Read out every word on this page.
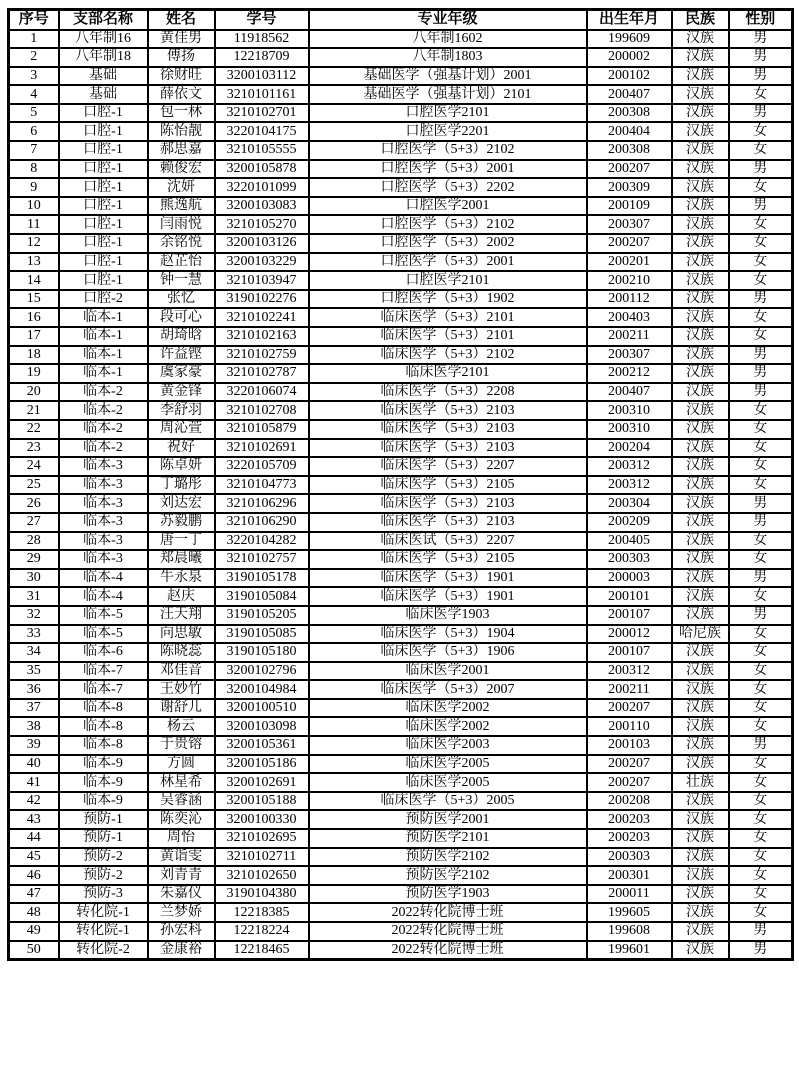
序号	支部名称	姓名	学号	专业年级	出生年月	民族	性别
1	八年制16	黄佳男	11918562	八年制1602	199609	汉族	男
2	八年制18	傅扬	12218709	八年制1803	200002	汉族	男
3	基础	徐财旺	3200103112	基础医学（强基计划）2001	200102	汉族	男
4	基础	薛依文	3210101161	基础医学（强基计划）2101	200407	汉族	女
5	口腔-1	包一林	3210102701	口腔医学2101	200308	汉族	男
6	口腔-1	陈怡靓	3220104175	口腔医学2201	200404	汉族	女
7	口腔-1	郝思嘉	3210105555	口腔医学（5+3）2102	200308	汉族	女
8	口腔-1	赖俊宏	3200105878	口腔医学（5+3）2001	200207	汉族	男
9	口腔-1	沈妍	3220101099	口腔医学（5+3）2202	200309	汉族	女
10	口腔-1	熊逸航	3200103083	口腔医学2001	200109	汉族	男
11	口腔-1	闫雨悦	3210105270	口腔医学（5+3）2102	200307	汉族	女
12	口腔-1	余铭悦	3200103126	口腔医学（5+3）2002	200207	汉族	女
13	口腔-1	赵芷怡	3200103229	口腔医学（5+3）2001	200201	汉族	女
14	口腔-1	钟一慧	3210103947	口腔医学2101	200210	汉族	女
15	口腔-2	张忆	3190102276	口腔医学（5+3）1902	200112	汉族	男
16	临本-1	段可心	3210102241	临床医学（5+3）2101	200403	汉族	女
17	临本-1	胡琦晗	3210102163	临床医学（5+3）2101	200211	汉族	女
18	临本-1	许益铿	3210102759	临床医学（5+3）2102	200307	汉族	男
19	临本-1	虞家豪	3210102787	临床医学2101	200212	汉族	男
20	临本-2	黄金锋	3220106074	临床医学（5+3）2208	200407	汉族	男
21	临本-2	李舒羽	3210102708	临床医学（5+3）2103	200310	汉族	女
22	临本-2	周沁萱	3210105879	临床医学（5+3）2103	200310	汉族	女
23	临本-2	祝好	3210102691	临床医学（5+3）2103	200204	汉族	女
24	临本-3	陈卓妍	3220105709	临床医学（5+3）2207	200312	汉族	女
25	临本-3	丁璐彤	3210104773	临床医学（5+3）2105	200312	汉族	女
26	临本-3	刘达宏	3210106296	临床医学（5+3）2103	200304	汉族	男
27	临本-3	苏毅鹏	3210106290	临床医学（5+3）2103	200209	汉族	男
28	临本-3	唐一丁	3220104282	临床医试（5+3）2207	200405	汉族	女
29	临本-3	郑晨曦	3210102757	临床医学（5+3）2105	200303	汉族	女
30	临本-4	牛永泉	3190105178	临床医学（5+3）1901	200003	汉族	男
31	临本-4	赵庆	3190105084	临床医学（5+3）1901	200101	汉族	女
32	临本-5	汪天翔	3190105205	临床医学1903	200107	汉族	男
33	临本-5	向思敏	3190105085	临床医学（5+3）1904	200012	哈尼族	女
34	临本-6	陈晓蕊	3190105180	临床医学（5+3）1906	200107	汉族	女
35	临本-7	邓佳音	3200102796	临床医学2001	200312	汉族	女
36	临本-7	王妙竹	3200104984	临床医学（5+3）2007	200211	汉族	女
37	临本-8	谢舒儿	3200100510	临床医学2002	200207	汉族	女
38	临本-8	杨云	3200103098	临床医学2002	200110	汉族	女
39	临本-8	于贵镕	3200105361	临床医学2003	200103	汉族	男
40	临本-9	方圆	3200105186	临床医学2005	200207	汉族	女
41	临本-9	林星希	3200102691	临床医学2005	200207	壮族	女
42	临本-9	吴睿涵	3200105188	临床医学（5+3）2005	200208	汉族	女
43	预防-1	陈奕沁	3200100330	预防医学2001	200203	汉族	女
44	预防-1	周怡	3210102695	预防医学2101	200203	汉族	女
45	预防-2	黄诣雯	3210102711	预防医学2102	200303	汉族	女
46	预防-2	刘青青	3210102650	预防医学2102	200301	汉族	女
47	预防-3	朱嘉仪	3190104380	预防医学1903	200011	汉族	女
48	转化院-1	兰梦娇	12218385	2022转化院博士班	199605	汉族	女
49	转化院-1	孙宏科	12218224	2022转化院博士班	199608	汉族	男
50	转化院-2	金康裕	12218465	2022转化院博士班	199601	汉族	男
